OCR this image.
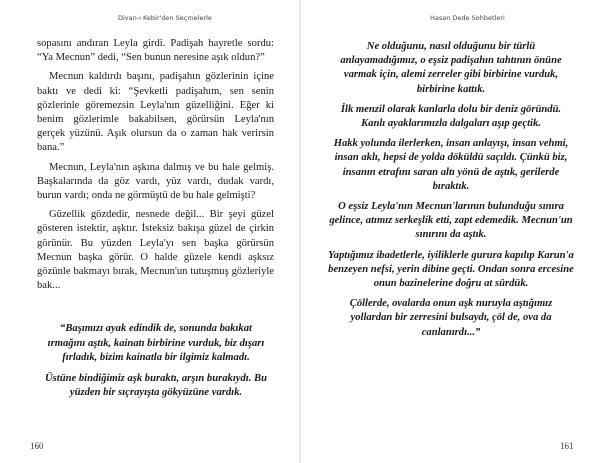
Divan-ı Kebir'den Seçmelerle

sopasını andıran Leyla girdi. Padişah hayretle sordu: “Ya Mecnun” dedi, “Sen bunun neresine aşık oldun?”

Mecnun kaldırdı başını, padişahın gözlerinin içine baktı ve dedi ki: “Şevketli padişahım, sen senin gözlerinle göremezsin Leyla'nın güzelliğini. Eğer ki benim gözlerimle bakabilsen, görürsün Leyla'nın gerçek yüzünü. Aşık olursun da o zaman hak verirsin bana.”

Mecnun, Leyla'nın aşkına dalmış ve bu hale gelmiş. Başkalarında da göz vardı, yüz vardı, dudak vardı, burun vardı; onda ne görmüştü de bu hale gelmişti?

Güzellik gözdedir, nesnede değil... Bir şeyi güzel gösteren istektir, aşktır. İsteksiz bakışa güzel de çirkin görünür. Bu yüzden Leyla'yı sen başka görürsün Mecnun başka görür. O halde güzele kendi aşksız gözünle bakmayı bırak, Mecnun'un tutuşmuş gözleriyle bak...

“Başımızı ayak edindik de, sonunda bakıkat ırmağını aştık, kainatı birbirine vurduk, biz dışarı fırladık, bizim kainatla bir ilgimiz kalmadı.

Üstüne bindiğimiz aşk buraktı, arşın burakıydı. Bu yüzden bir sıçrayışta gökyüzüne vardık.

160
Hasan Dede Sohbetleri

Ne olduğunu, nasıl olduğunu bir türlü anlayamadığımız, o eşsiz padişahın tahtının önüne varmak için, alemi zerreler gibi birbirine vurduk, birbirine kattık.

İlk menzil olarak kanlarla dolu bir deniz göründü. Kanlı ayaklarımızla dalgaları aşıp geçtik.

Hakk yolunda ilerlerken, insan anlayışı, insan vehmi, insan aklı, hepsi de yolda döküldü saçıldı. Çünkü biz, insanın etrafını saran altı yönü de aştık, gerilerde bıraktık.

O eşsiz Leyla'nın Mecnun'larının bulunduğu sınıra gelince, atımız serkeşlik etti, zapt edemedik. Mecnun'un sınırını da aştık.

Yaptığımız ibadetlerle, iyiliklerle gurura kapılıp Karun'a benzeyen nefsi, yerin dibine geçti. Ondan sonra ercesine onun bazinelerine doğru at sürdük.

Çöllerde, ovalarda onun aşk nuruyla aştığımız yollardan bir zerresini bulsaydı, çöl de, ova da canlanırdı...”

161
